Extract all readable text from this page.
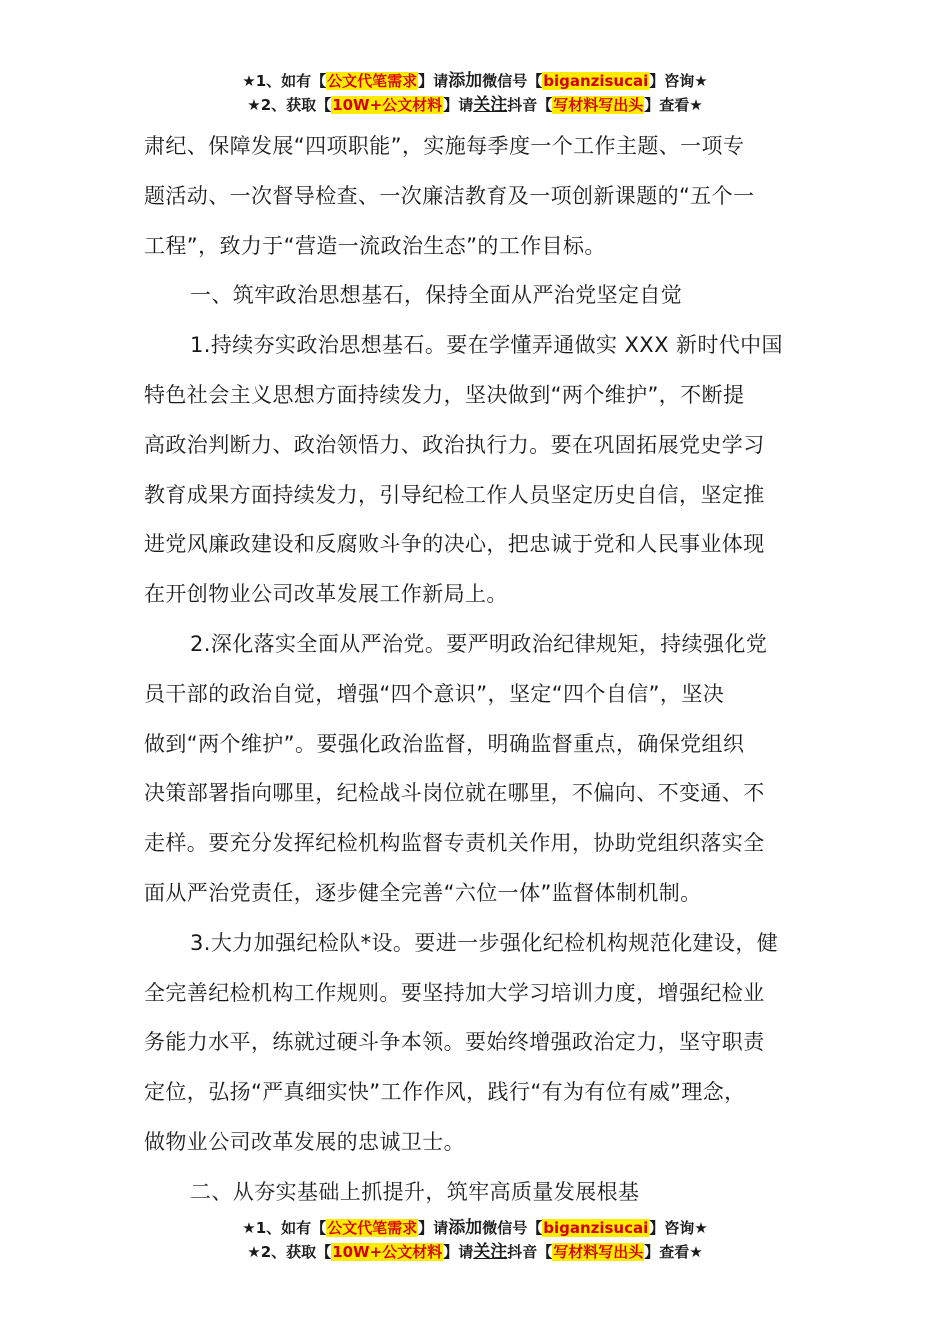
★1、如有【公文代笔需求】请添加微信号【biganzisucai】咨询★
★2、获取【10W+公文材料】请关注抖音【写材料写出头】查看★

肃纪、保障发展“四项职能”，实施每季度一个工作主题、一项专
题活动、一次督导检查、一次廉洁教育及一项创新课题的“五个一
工程”，致力于“营造一流政治生态”的工作目标。

一、筑牢政治思想基石，保持全面从严治党坚定自觉

1.持续夯实政治思想基石。要在学懂弄通做实 XXX 新时代中国
特色社会主义思想方面持续发力，坚决做到“两个维护”，不断提
高政治判断力、政治领悟力、政治执行力。要在巩固拓展党史学习
教育成果方面持续发力，引导纪检工作人员坚定历史自信，坚定推
进党风廉政建设和反腐败斗争的决心，把忠诚于党和人民事业体现
在开创物业公司改革发展工作新局上。

2.深化落实全面从严治党。要严明政治纪律规矩，持续强化党
员干部的政治自觉，增强“四个意识”，坚定“四个自信”，坚决
做到“两个维护”。要强化政治监督，明确监督重点，确保党组织
决策部署指向哪里，纪检战斗岗位就在哪里，不偏向、不变通、不
走样。要充分发挥纪检机构监督专责机关作用，协助党组织落实全
面从严治党责任，逐步健全完善“六位一体”监督体制机制。

3.大力加强纪检队*设。要进一步强化纪检机构规范化建设，健
全完善纪检机构工作规则。要坚持加大学习培训力度，增强纪检业
务能力水平，练就过硬斗争本领。要始终增强政治定力，坚守职责
定位，弘扬“严真细实快”工作作风，践行“有为有位有威”理念，
做物业公司改革发展的忠诚卫士。

二、从夯实基础上抓提升，筑牢高质量发展根基

★1、如有【公文代笔需求】请添加微信号【biganzisucai】咨询★
★2、获取【10W+公文材料】请关注抖音【写材料写出头】查看★
